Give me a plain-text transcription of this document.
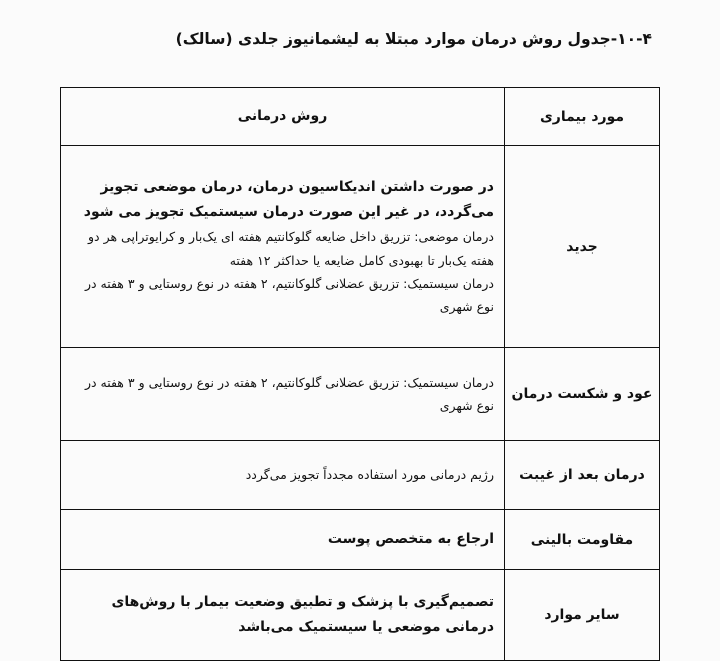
۱۰-۴-جدول روش درمان موارد مبتلا به لیشمانیوز جلدی (سالک)
مورد بیماری	روش درمانی
جدید	در صورت داشتن اندیکاسیون درمان، درمان موضعی تجویز می‌گردد، در غیر این صورت درمان سیستمیک تجویز می شود
درمان موضعی: تزریق داخل ضایعه گلوکانتیم هفته ای یک‌بار و کرایوتراپی هر دو هفته یک‌بار تا بهبودی کامل ضایعه یا حداکثر ۱۲ هفته
درمان سیستمیک: تزریق عضلانی گلوکانتیم، ۲ هفته در نوع روستایی و ۳ هفته در نوع شهری

عود و شکست درمان	درمان سیستمیک: تزریق عضلانی گلوکانتیم، ۲ هفته در نوع روستایی و ۳ هفته در نوع شهری

درمان بعد از غیبت	رژیم درمانی مورد استفاده مجدداً تجویز می‌گردد

مقاومت بالینی	ارجاع به متخصص پوست

سایر موارد	تصمیم‌گیری با پزشک و تطبیق وضعیت بیمار با روش‌های درمانی موضعی یا سیستمیک می‌باشد
